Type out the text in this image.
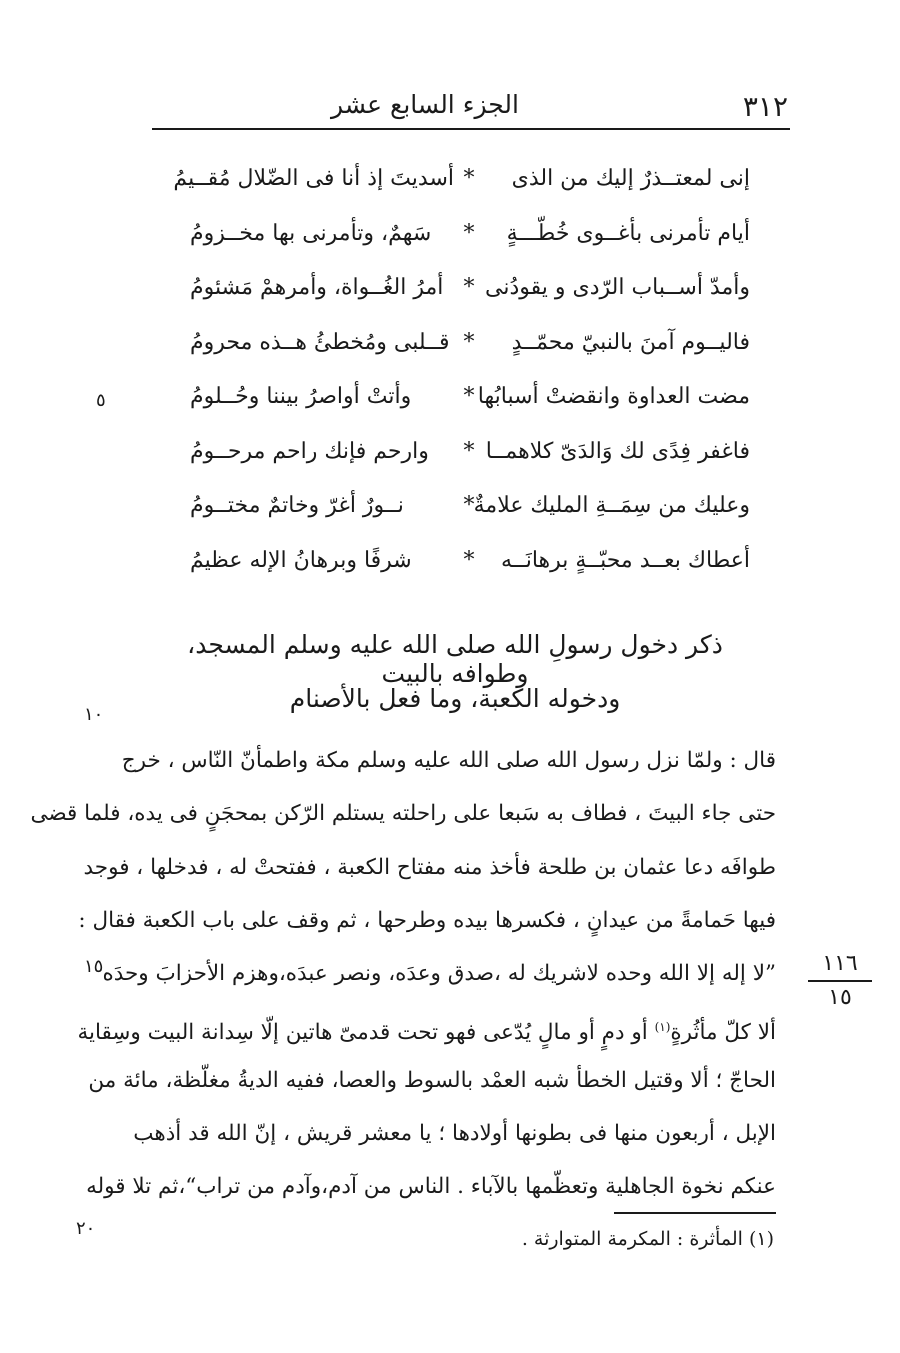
٣١٢
الجزء السابع عشر
إنى لمعتــذرٌ إليك من الذى
*
أسديتَ إذ أنا فى الضّلال مُقــيمُ
أيام تأمرنى بأغــوى خُطّـــةٍ
*
سَهمٌ، وتأمرنى بها مخــزومُ
وأمدّ أســباب الرّدى و يقودُنى
*
أمرُ الغُــواة، وأمرهمْ مَشئومُ
فاليــوم آمنَ بالنبيّ محمّــدٍ
*
قــلبى ومُخطئُ هــذه محرومُ
مضت العداوة وانقضتْ أسبابُها
*
وأتتْ أواصرُ بيننا وحُــلومُ
فاغفر فِدًى لك وَالدَىّ كلاهمــا
*
وارحم فإنك راحم مرحــومُ
وعليك من سِمَــةِ المليك علامةٌ
*
نــورٌ أغرّ وخاتمٌ مختــومُ
أعطاك بعــد محبّــةٍ برهانَــه
*
شرفًا وبرهانُ الإله عظيمُ
ذكر دخول رسولِ الله صلى الله عليه وسلم المسجد، وطوافه بالبيت
ودخوله الكعبة، وما فعل بالأصنام
قال : ولمّا نزل رسول الله صلى الله عليه وسلم مكة واطمأنّ النّاس ، خرج
حتى جاء البيتَ ، فطاف به سَبعا على راحلته يستلم الرّكن بمحجَنٍ فى يده، فلما قضى
طوافَه دعا عثمان بن طلحة فأخذ منه مفتاح الكعبة ، ففتحتْ له ، فدخلها ، فوجد
فيها حَمامةً من عيدانٍ ، فكسرها بيده وطرحها ، ثم وقف على باب الكعبة فقال :
”لا إله إلا الله وحده لاشريك له ،صدق وعدَه، ونصر عبدَه،وهزم الأحزابَ وحدَه
ألا كلّ مأثُرةٍ$^{(١)}$ أو دمٍ أو مالٍ يُدّعى فهو تحت قدمىّ هاتين إلّا سِدانة البيت وسِقاية
الحاجّ ؛ ألا وقتيل الخطأ شبه العمْد بالسوط والعصا، ففيه الديةُ مغلّظة، مائة من
الإبل ، أربعون منها فى بطونها أولادها ؛ يا معشر قريش ، إنّ الله قد أذهب
عنكم نخوة الجاهلية وتعظّمها بالآباء . الناس من آدم،وآدم من تراب“،ثم تلا قوله
٥
١٠
١٥
٢٠
١١٦
١٥
(١) المأثرة : المكرمة المتوارثة .
